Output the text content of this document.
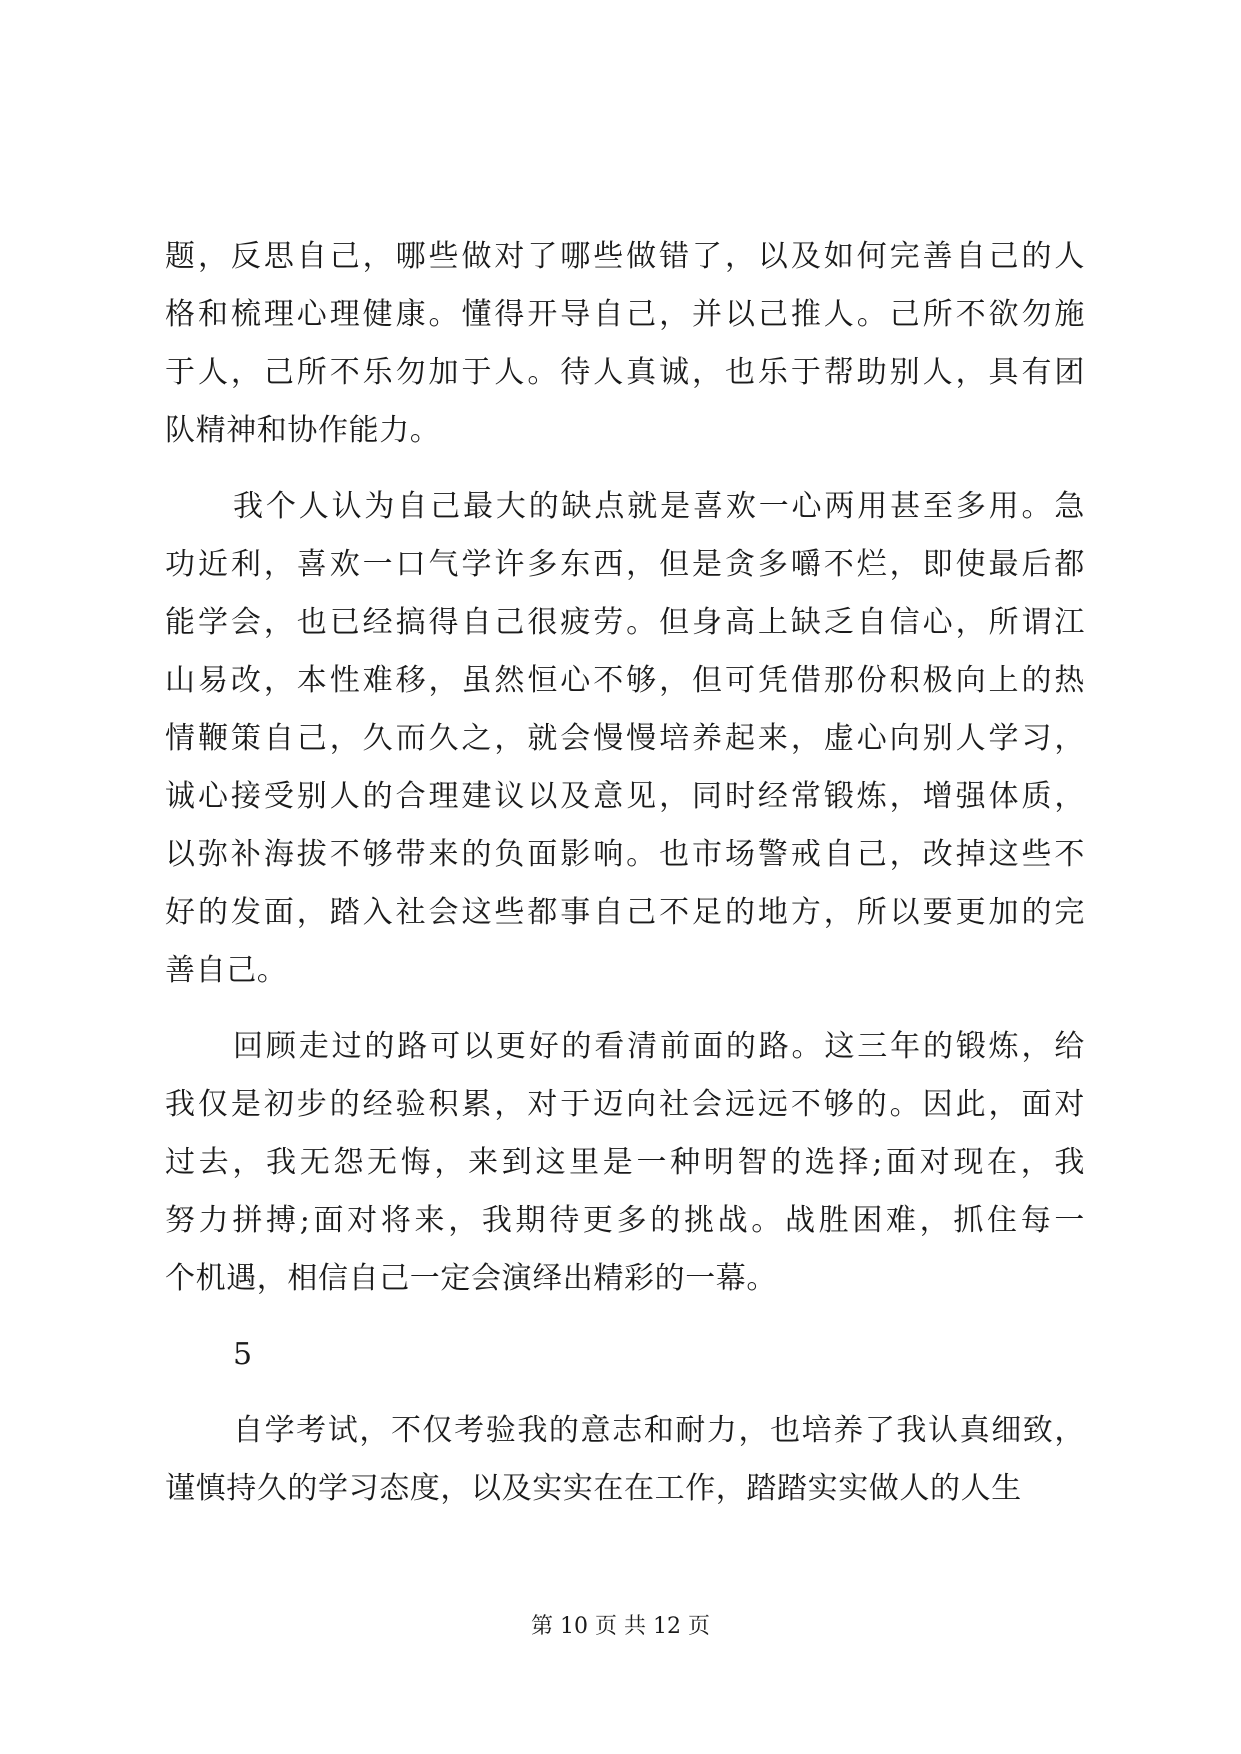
题，反思自己，哪些做对了哪些做错了，以及如何完善自己的人
格和梳理心理健康。懂得开导自己，并以己推人。己所不欲勿施
于人，己所不乐勿加于人。待人真诚，也乐于帮助别人，具有团
队精神和协作能力。
我个人认为自己最大的缺点就是喜欢一心两用甚至多用。急
功近利，喜欢一口气学许多东西，但是贪多嚼不烂，即使最后都
能学会，也已经搞得自己很疲劳。但身高上缺乏自信心，所谓江
山易改，本性难移，虽然恒心不够，但可凭借那份积极向上的热
情鞭策自己，久而久之，就会慢慢培养起来，虚心向别人学习，
诚心接受别人的合理建议以及意见，同时经常锻炼，增强体质，
以弥补海拔不够带来的负面影响。也市场警戒自己，改掉这些不
好的发面，踏入社会这些都事自己不足的地方，所以要更加的完
善自己。
回顾走过的路可以更好的看清前面的路。这三年的锻炼，给
我仅是初步的经验积累，对于迈向社会远远不够的。因此，面对
过去，我无怨无悔，来到这里是一种明智的选择;面对现在，我
努力拼搏;面对将来，我期待更多的挑战。战胜困难，抓住每一
个机遇，相信自己一定会演绎出精彩的一幕。
5
自学考试，不仅考验我的意志和耐力，也培养了我认真细致，
谨慎持久的学习态度，以及实实在在工作，踏踏实实做人的人生
第 10 页 共 12 页
